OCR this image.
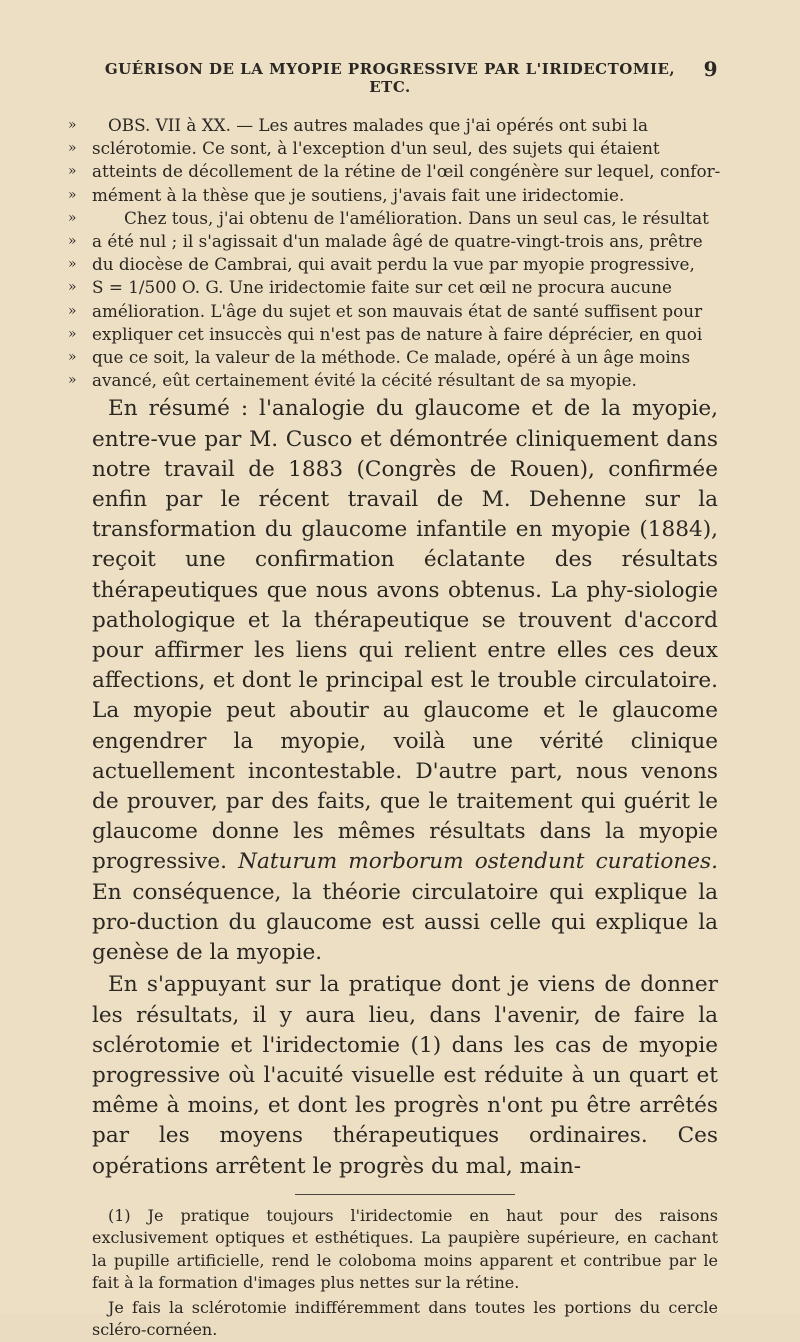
GUÉRISON DE LA MYOPIE PROGRESSIVE PAR L'IRIDECTOMIE, ETC.
9
» OBS. VII à XX. — Les autres malades que j'ai opérés ont subi la
» sclérotomie. Ce sont, à l'exception d'un seul, des sujets qui étaient
» atteints de décollement de la rétine de l'œil congénère sur lequel, confor-
» mément à la thèse que je soutiens, j'avais fait une iridectomie.
» Chez tous, j'ai obtenu de l'amélioration. Dans un seul cas, le résultat
» a été nul ; il s'agissait d'un malade âgé de quatre-vingt-trois ans, prêtre
» du diocèse de Cambrai, qui avait perdu la vue par myopie progressive,
» S = 1/500 O. G. Une iridectomie faite sur cet œil ne procura aucune
» amélioration. L'âge du sujet et son mauvais état de santé suffisent pour
» expliquer cet insuccès qui n'est pas de nature à faire déprécier, en quoi
» que ce soit, la valeur de la méthode. Ce malade, opéré à un âge moins
» avancé, eût certainement évité la cécité résultant de sa myopie.

En résumé : l'analogie du glaucome et de la myopie, entre-vue par M. Cusco et démontrée cliniquement dans notre travail de 1883 (Congrès de Rouen), confirmée enfin par le récent travail de M. Dehenne sur la transformation du glaucome infantile en myopie (1884), reçoit une confirmation éclatante des résultats thérapeutiques que nous avons obtenus. La phy-siologie pathologique et la thérapeutique se trouvent d'accord pour affirmer les liens qui relient entre elles ces deux affections, et dont le principal est le trouble circulatoire. La myopie peut aboutir au glaucome et le glaucome engendrer la myopie, voilà une vérité clinique actuellement incontestable. D'autre part, nous venons de prouver, par des faits, que le traitement qui guérit le glaucome donne les mêmes résultats dans la myopie progressive. Naturum morborum ostendunt curationes. En conséquence, la théorie circulatoire qui explique la pro-duction du glaucome est aussi celle qui explique la genèse de la myopie.

En s'appuyant sur la pratique dont je viens de donner les résultats, il y aura lieu, dans l'avenir, de faire la sclérotomie et l'iridectomie (1) dans les cas de myopie progressive où l'acuité visuelle est réduite à un quart et même à moins, et dont les progrès n'ont pu être arrêtés par les moyens thérapeutiques ordinaires. Ces opérations arrêtent le progrès du mal, main-

(1) Je pratique toujours l'iridectomie en haut pour des raisons exclusivement optiques et esthétiques. La paupière supérieure, en cachant la pupille artificielle, rend le coloboma moins apparent et contribue par le fait à la formation d'images plus nettes sur la rétine.

Je fais la sclérotomie indifféremment dans toutes les portions du cercle scléro-cornéen.
